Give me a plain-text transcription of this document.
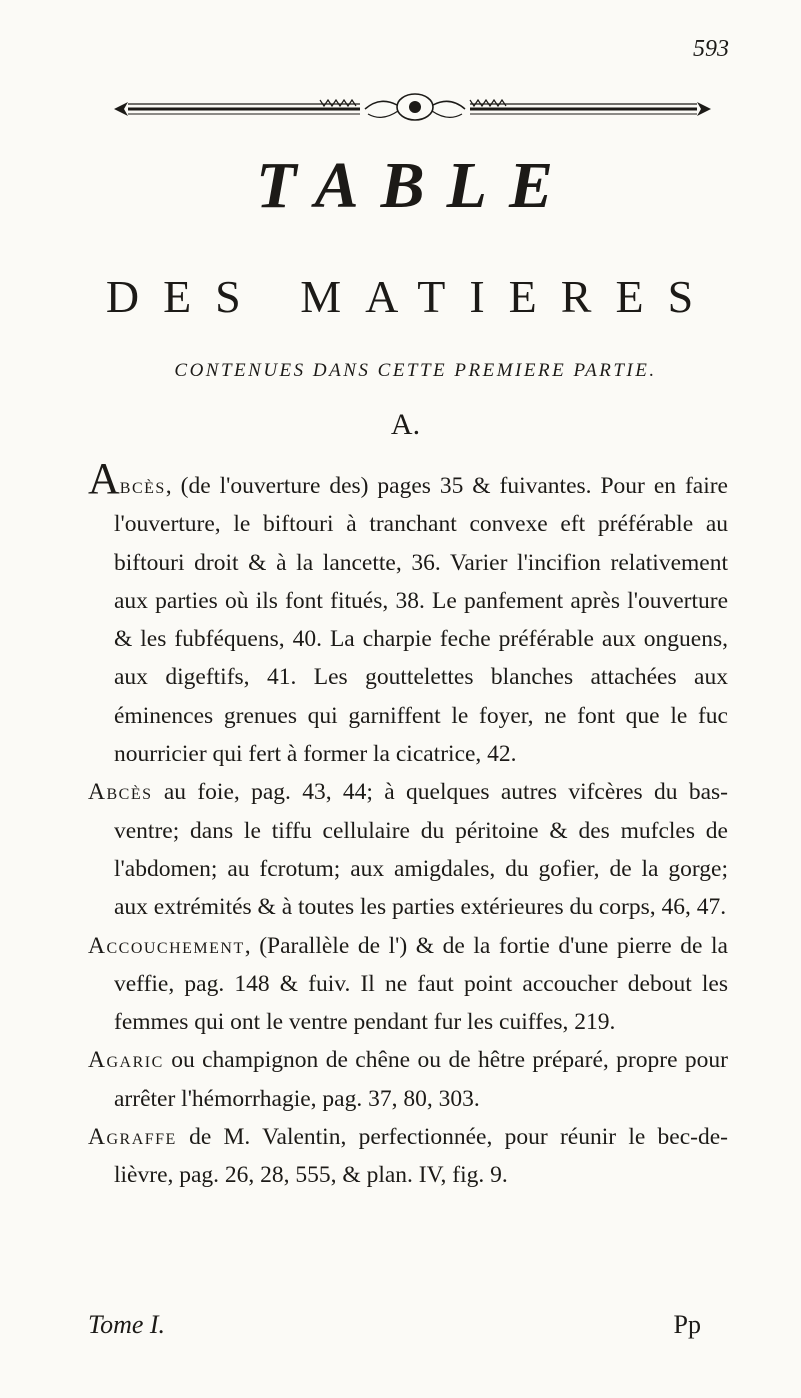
593
TABLE
DES MATIERES
CONTENUES DANS CETTE PREMIERE PARTIE.
A.

Abcès, (de l'ouverture des) pages 35 & fuivantes. Pour en faire l'ouverture, le biftouri à tranchant convexe eft préférable au biftouri droit & à la lancette, 36. Varier l'incifion relativement aux parties où ils font fitués, 38. Le panfement après l'ouverture & les fubféquens, 40. La charpie feche préférable aux onguens, aux digeftifs, 41. Les gouttelettes blanches attachées aux éminences grenues qui garniffent le foyer, ne font que le fuc nourricier qui fert à former la cicatrice, 42.

Abcès au foie, pag. 43, 44; à quelques autres vifcères du bas-ventre; dans le tiffu cellulaire du péritoine & des mufcles de l'abdomen; au fcrotum; aux amigdales, du gofier, de la gorge; aux extrémités & à toutes les parties extérieures du corps, 46, 47.

Accouchement, (Parallèle de l') & de la fortie d'une pierre de la veffie, pag. 148 & fuiv. Il ne faut point accoucher debout les femmes qui ont le ventre pendant fur les cuiffes, 219.

Agaric ou champignon de chêne ou de hêtre préparé, propre pour arrêter l'hémorrhagie, pag. 37, 80, 303.

Agraffe de M. Valentin, perfectionnée, pour réunir le bec-de-lièvre, pag. 26, 28, 555, & plan. IV, fig. 9.

Tome I.	Pp
